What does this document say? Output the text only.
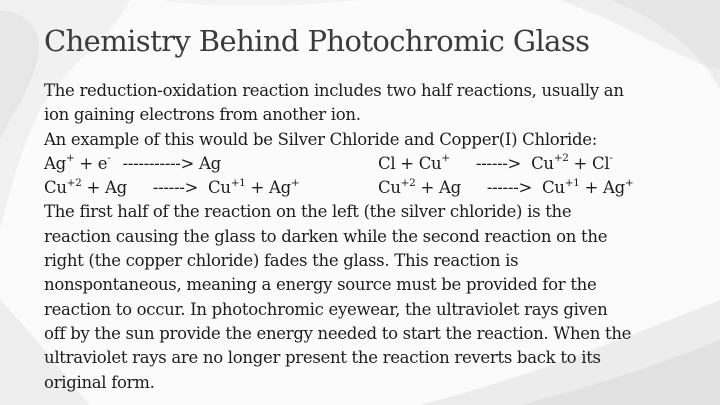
Chemistry Behind Photochromic Glass
The reduction-oxidation reaction includes two half reactions, usually an
ion gaining electrons from another ion.
An example of this would be Silver Chloride and Copper(I) Chloride:
Ag+ + e- -----------> Ag	Cl + Cu+ ------> $Cu^{+2} + Cl^-$
$Cu^{+2} + Ag$ ------> $Cu^{+1} + Ag^+$	$Cu^{+2} + Ag$ ------> $Cu^{+1} + Ag^+$
The first half of the reaction on the left (the silver chloride) is the
reaction causing the glass to darken while the second reaction on the
right (the copper chloride) fades the glass. This reaction is
nonspontaneous, meaning a energy source must be provided for the
reaction to occur. In photochromic eyewear, the ultraviolet rays given
off by the sun provide the energy needed to start the reaction. When the
ultraviolet rays are no longer present the reaction reverts back to its
original form.
